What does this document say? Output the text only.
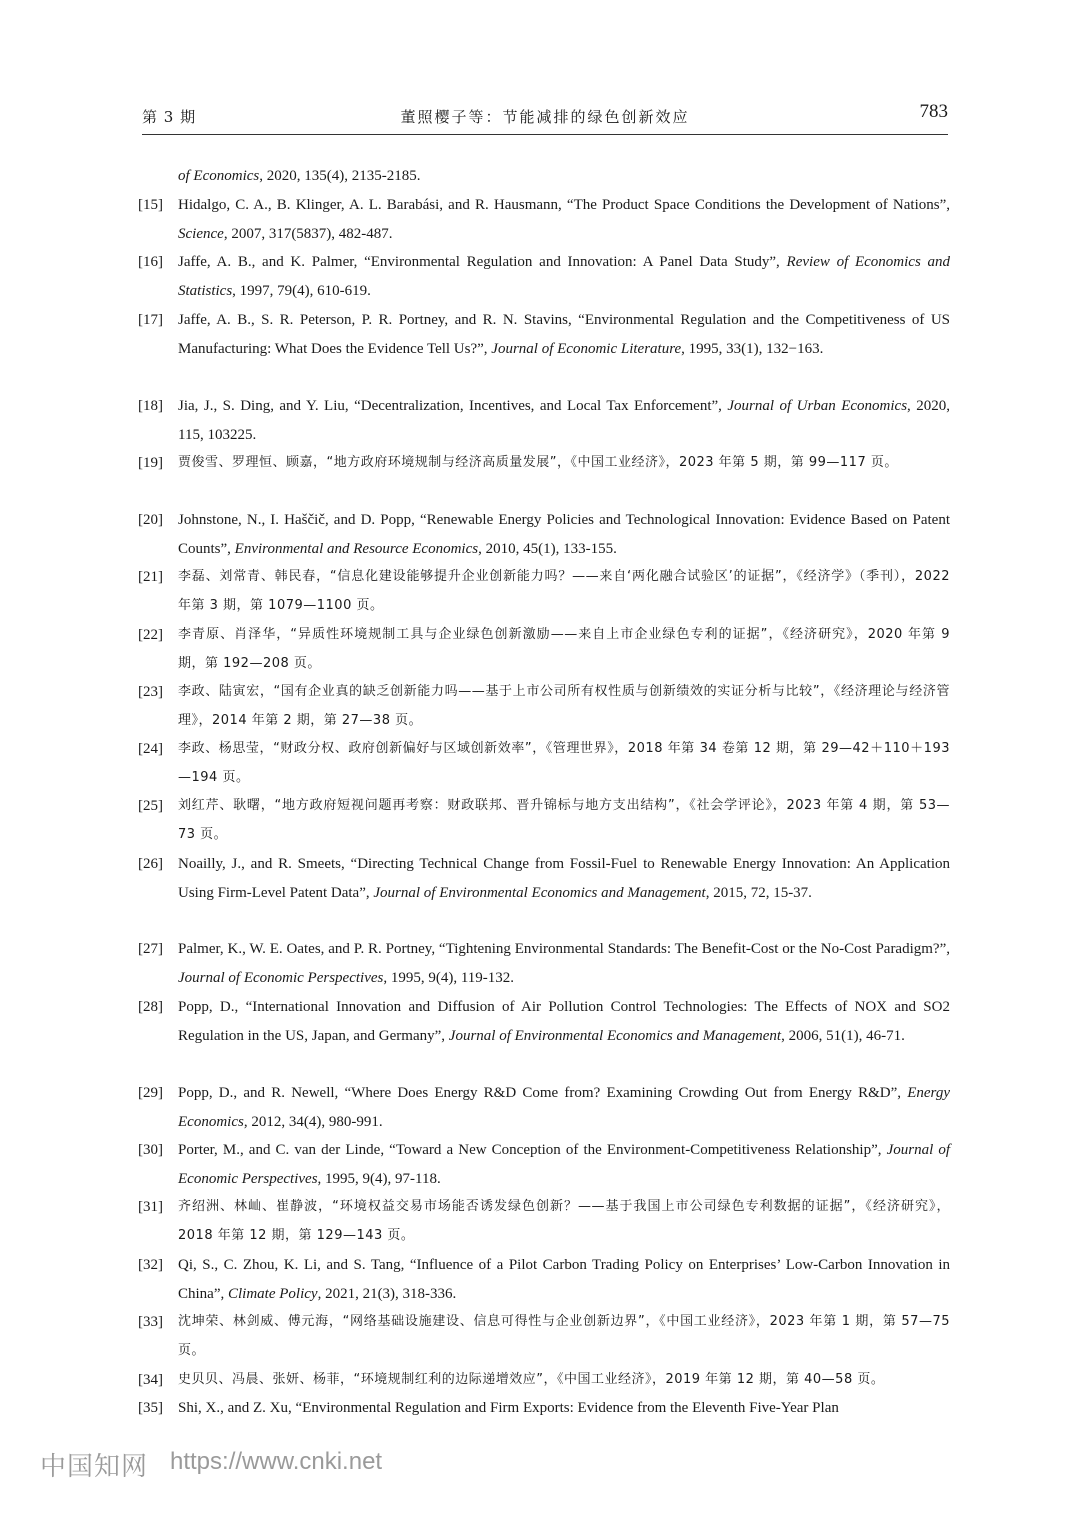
第 3 期	董照樱子等：节能减排的绿色创新效应	783
of Economics, 2020, 135(4), 2135-2185.
[15]	Hidalgo, C. A., B. Klinger, A. L. Barabási, and R. Hausmann, “The Product Space Conditions the Development of Nations”, Science, 2007, 317(5837), 482-487.
[16]	Jaffe, A. B., and K. Palmer, “Environmental Regulation and Innovation: A Panel Data Study”, Review of Economics and Statistics, 1997, 79(4), 610-619.
[17]	Jaffe, A. B., S. R. Peterson, P. R. Portney, and R. N. Stavins, “Environmental Regulation and the Competitiveness of US Manufacturing: What Does the Evidence Tell Us?”, Journal of Economic Literature, 1995, 33(1), 132−163.
[18]	Jia, J., S. Ding, and Y. Liu, “Decentralization, Incentives, and Local Tax Enforcement”, Journal of Urban Economics, 2020, 115, 103225.
[19]	贾俊雪、罗理恒、顾嘉，“地方政府环境规制与经济高质量发展”，《中国工业经济》，2023 年第 5 期，第 99—117 页。
[20]	Johnstone, N., I. Haščič, and D. Popp, “Renewable Energy Policies and Technological Innovation: Evidence Based on Patent Counts”, Environmental and Resource Economics, 2010, 45(1), 133-155.
[21]	李磊、刘常青、韩民春，“信息化建设能够提升企业创新能力吗？——来自‘两化融合试验区’的证据”，《经济学》（季刊），2022 年第 3 期，第 1079—1100 页。
[22]	李青原、肖泽华，“异质性环境规制工具与企业绿色创新激励——来自上市企业绿色专利的证据”，《经济研究》，2020 年第 9 期，第 192—208 页。
[23]	李政、陆寅宏，“国有企业真的缺乏创新能力吗——基于上市公司所有权性质与创新绩效的实证分析与比较”，《经济理论与经济管理》，2014 年第 2 期，第 27—38 页。
[24]	李政、杨思莹，“财政分权、政府创新偏好与区域创新效率”，《管理世界》，2018 年第 34 卷第 12 期，第 29—42＋110＋193—194 页。
[25]	刘红芹、耿曙，“地方政府短视问题再考察：财政联邦、晋升锦标与地方支出结构”，《社会学评论》，2023 年第 4 期，第 53—73 页。
[26]	Noailly, J., and R. Smeets, “Directing Technical Change from Fossil-Fuel to Renewable Energy Innovation: An Application Using Firm-Level Patent Data”, Journal of Environmental Economics and Management, 2015, 72, 15-37.
[27]	Palmer, K., W. E. Oates, and P. R. Portney, “Tightening Environmental Standards: The Benefit-Cost or the No-Cost Paradigm?”, Journal of Economic Perspectives, 1995, 9(4), 119-132.
[28]	Popp, D., “International Innovation and Diffusion of Air Pollution Control Technologies: The Effects of NOX and SO2 Regulation in the US, Japan, and Germany”, Journal of Environmental Economics and Management, 2006, 51(1), 46-71.
[29]	Popp, D., and R. Newell, “Where Does Energy R&D Come from? Examining Crowding Out from Energy R&D”, Energy Economics, 2012, 34(4), 980-991.
[30]	Porter, M., and C. van der Linde, “Toward a New Conception of the Environment-Competitiveness Relationship”, Journal of Economic Perspectives, 1995, 9(4), 97-118.
[31]	齐绍洲、林屾、崔静波，“环境权益交易市场能否诱发绿色创新？——基于我国上市公司绿色专利数据的证据”，《经济研究》，2018 年第 12 期，第 129—143 页。
[32]	Qi, S., C. Zhou, K. Li, and S. Tang, “Influence of a Pilot Carbon Trading Policy on Enterprises’ Low-Carbon Innovation in China”, Climate Policy, 2021, 21(3), 318-336.
[33]	沈坤荣、林剑威、傅元海，“网络基础设施建设、信息可得性与企业创新边界”，《中国工业经济》，2023 年第 1 期，第 57—75 页。
[34]	史贝贝、冯晨、张妍、杨菲，“环境规制红利的边际递增效应”，《中国工业经济》，2019 年第 12 期，第 40—58 页。
[35]	Shi, X., and Z. Xu, “Environmental Regulation and Firm Exports: Evidence from the Eleventh Five-Year Plan
中国知网 https://www.cnki.net
